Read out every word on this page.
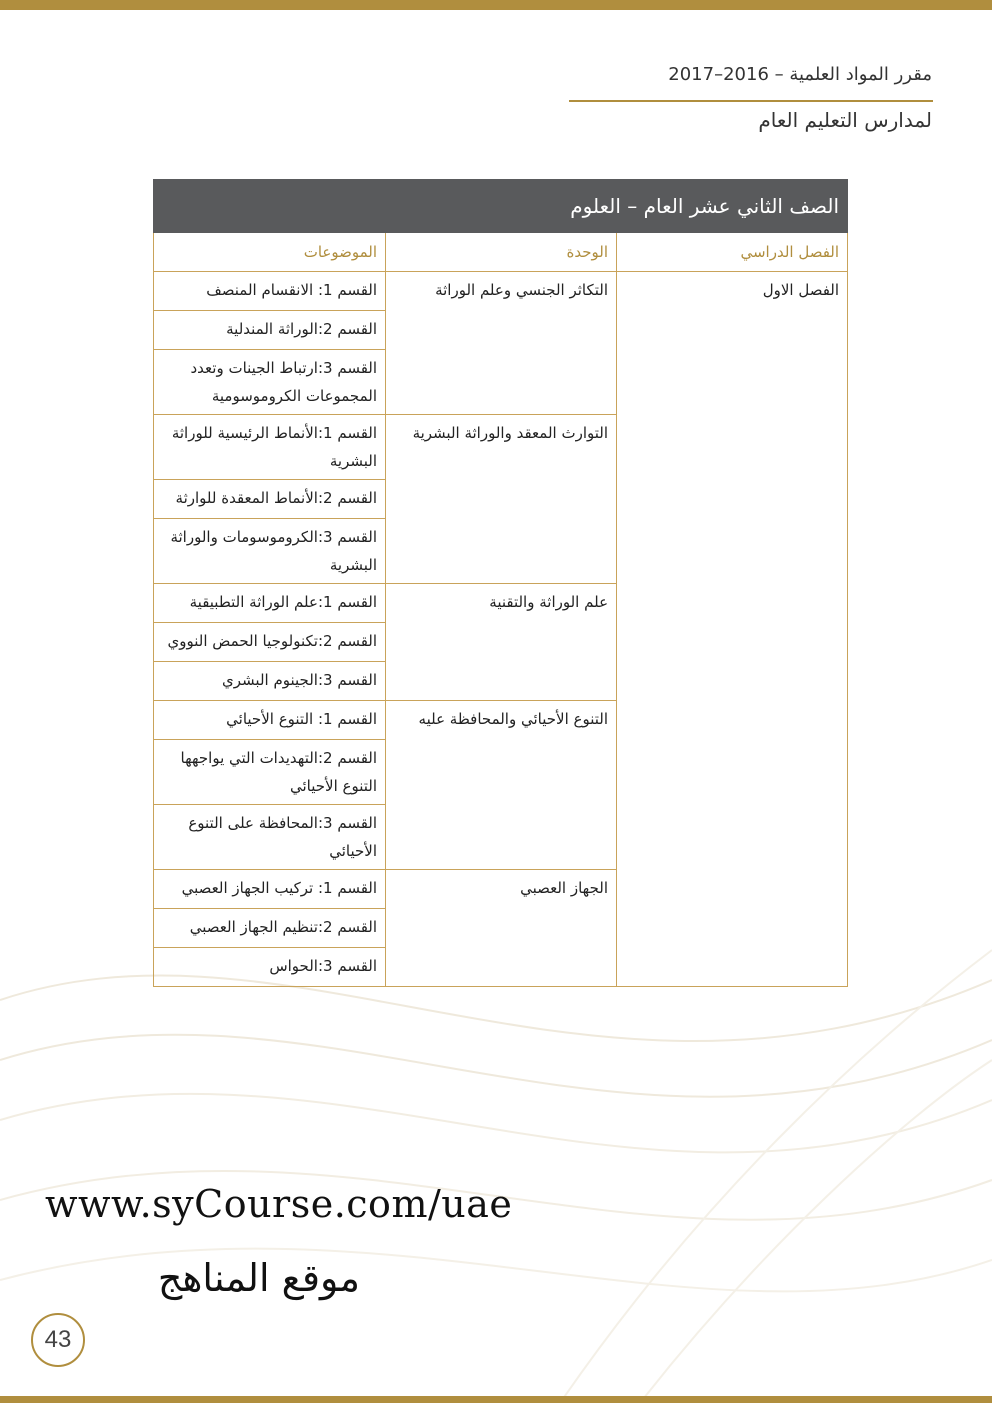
مقرر المواد العلمية – 2016–2017
لمدارس التعليم العام
الصف الثاني عشر العام – العلوم		
الفصل الدراسي	الوحدة	الموضوعات
الفصل الاول	التكاثر الجنسي وعلم الوراثة	القسم 1: الانقسام المنصف
		القسم 2:الوراثة المندلية
		القسم 3:ارتباط الجينات وتعدد المجموعات الكروموسومية
	التوارث المعقد والوراثة البشرية	القسم 1:الأنماط الرئيسية للوراثة البشرية
		القسم 2:الأنماط المعقدة للوارثة
		القسم 3:الكروموسومات والوراثة البشرية
	علم الوراثة والتقنية	القسم 1:علم الوراثة التطبيقية
		القسم 2:تكنولوجيا الحمض النووي
		القسم 3:الجينوم البشري
	التنوع الأحيائي والمحافظة عليه	القسم 1: التنوع الأحيائي
		القسم 2:التهديدات التي يواجهها التنوع الأحيائي
		القسم 3:المحافظة على التنوع الأحيائي
	الجهاز العصبي	القسم 1: تركيب الجهاز العصبي
		القسم 2:تنظيم الجهاز العصبي
		القسم 3:الحواس
www.syCourse.com/uae
موقع المناهج
43
